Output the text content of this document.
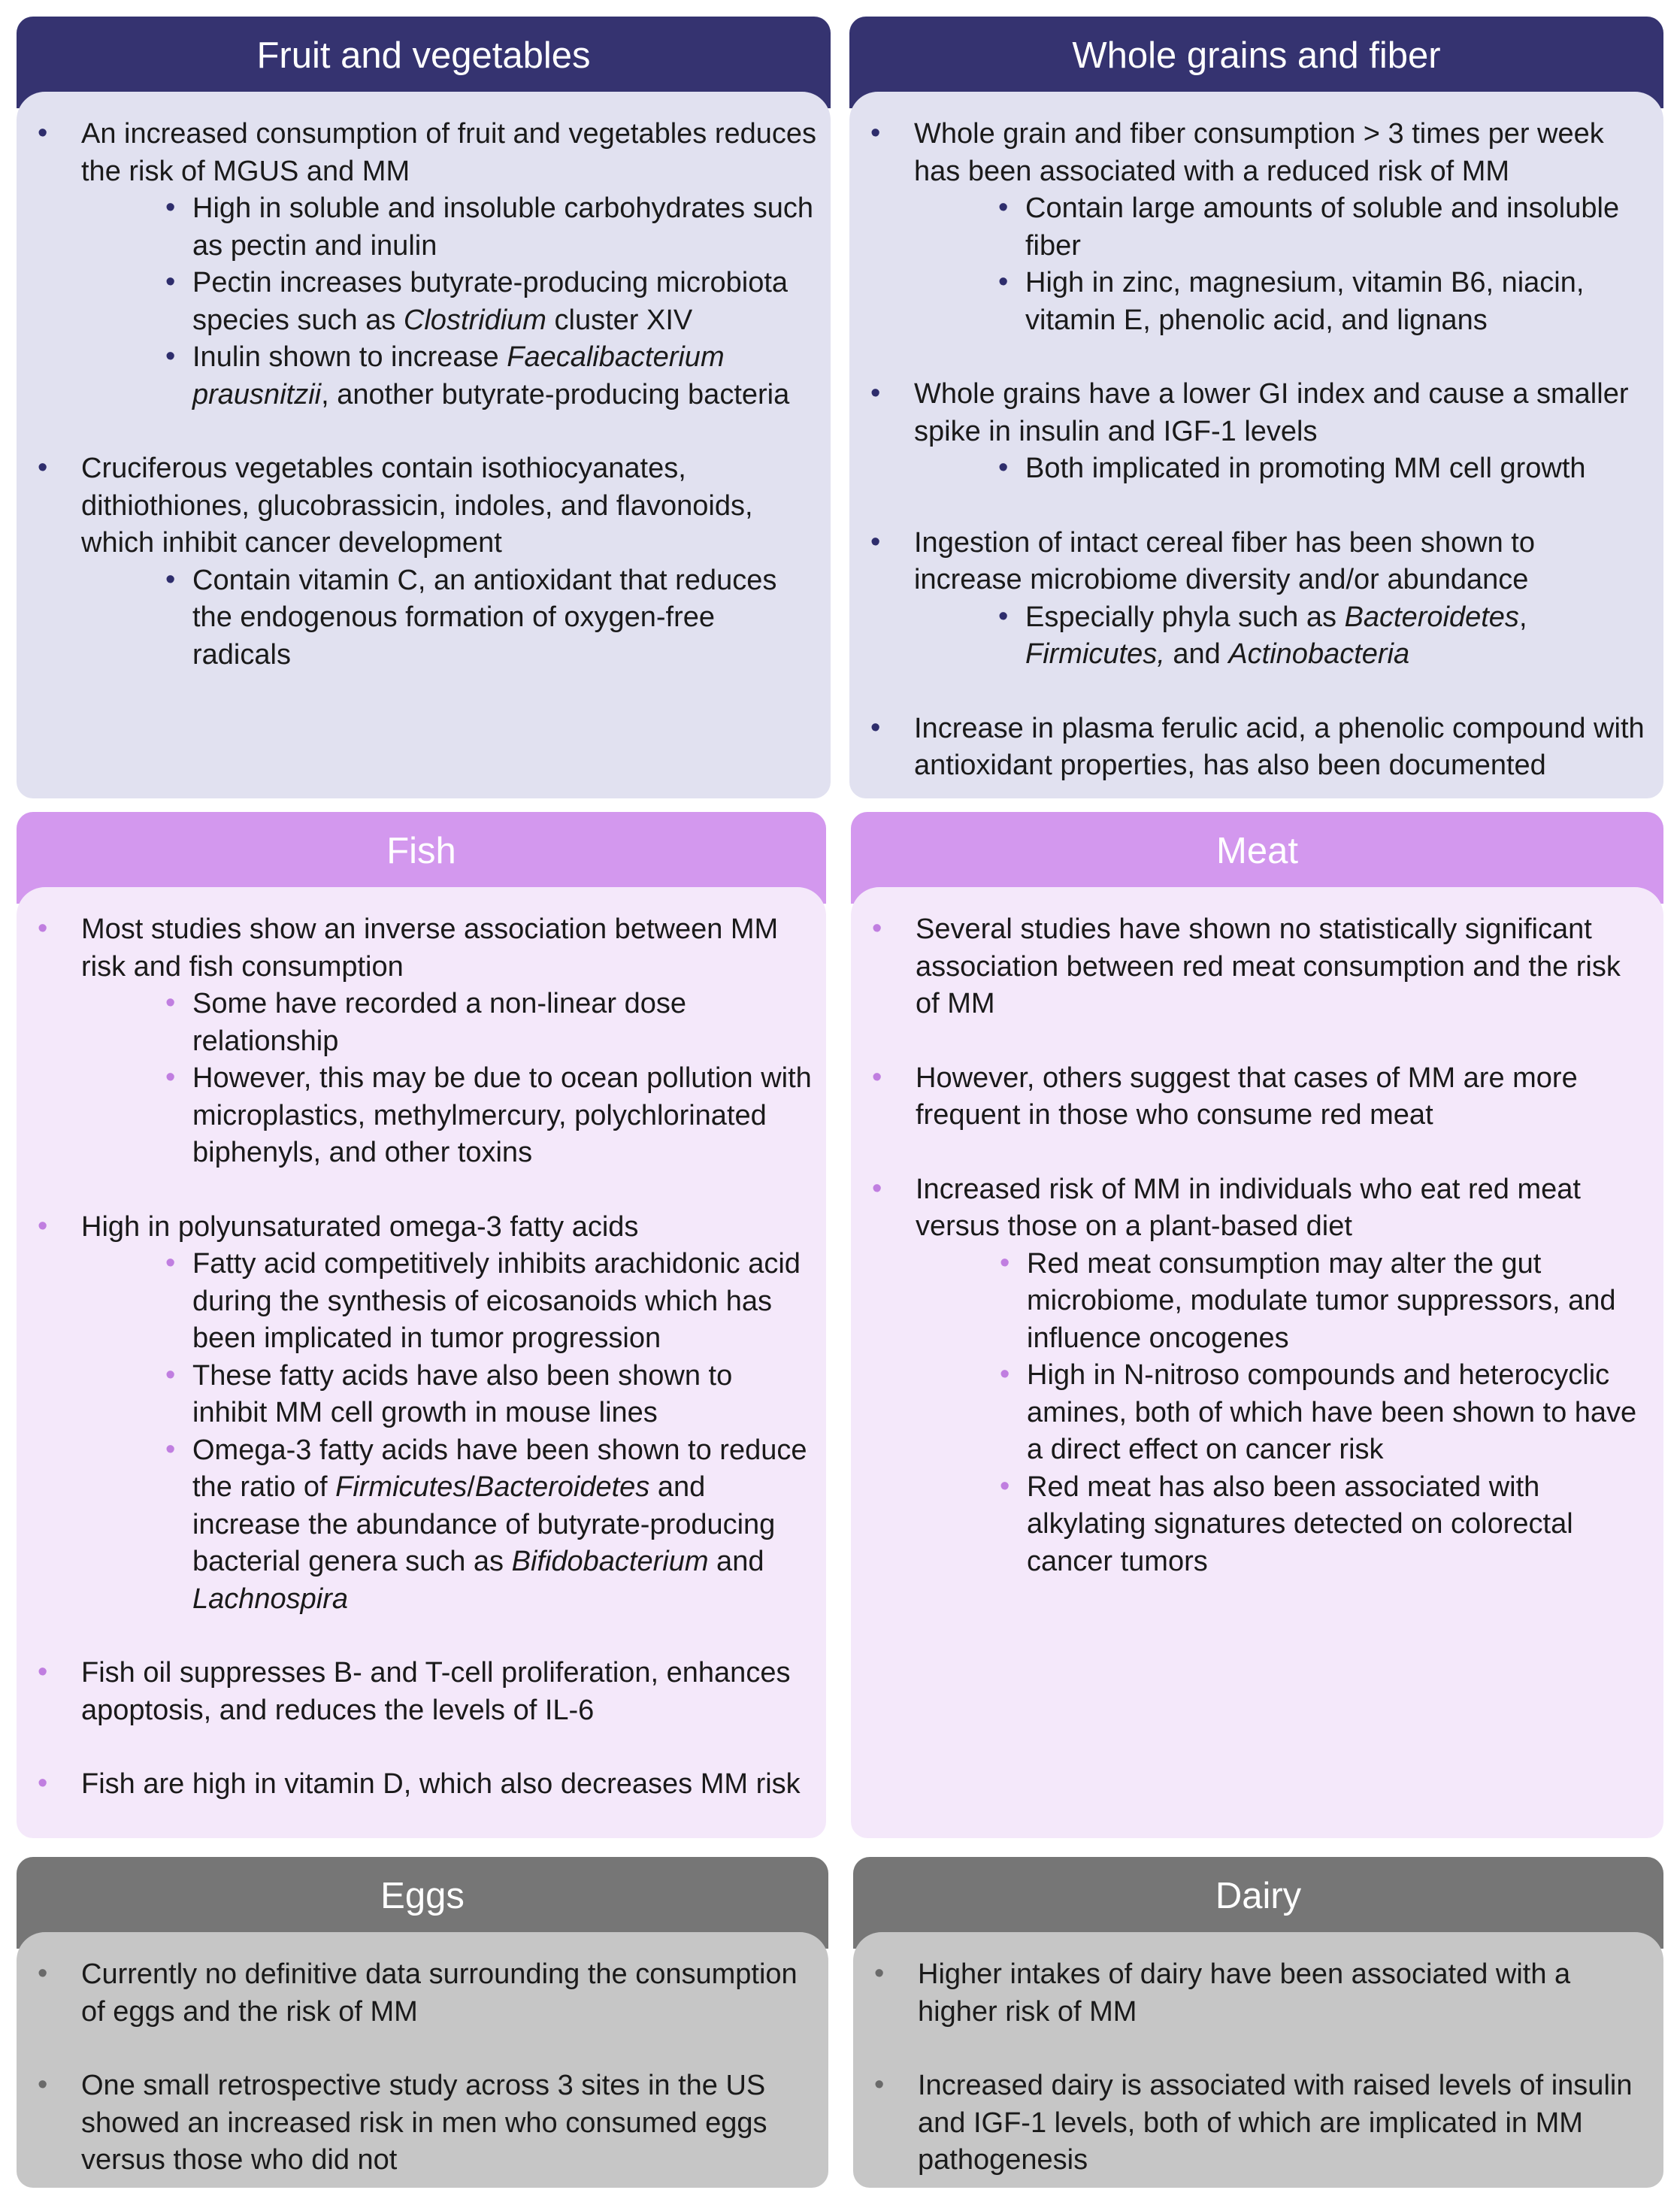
Fruit and vegetables
• An increased consumption of fruit and vegetables reduces the risk of MGUS and MM
• High in soluble and insoluble carbohydrates such as pectin and inulin
• Pectin increases butyrate-producing microbiota species such as Clostridium cluster XIV
• Inulin shown to increase Faecalibacterium prausnitzii, another butyrate-producing bacteria
• Cruciferous vegetables contain isothiocyanates, dithiothiones, glucobrassicin, indoles, and flavonoids, which inhibit cancer development
• Contain vitamin C, an antioxidant that reduces the endogenous formation of oxygen-free radicals
Whole grains and fiber
• Whole grain and fiber consumption > 3 times per week has been associated with a reduced risk of MM
• Contain large amounts of soluble and insoluble fiber
• High in zinc, magnesium, vitamin B6, niacin, vitamin E, phenolic acid, and lignans
• Whole grains have a lower GI index and cause a smaller spike in insulin and IGF-1 levels
• Both implicated in promoting MM cell growth
• Ingestion of intact cereal fiber has been shown to increase microbiome diversity and/or abundance
• Especially phyla such as Bacteroidetes, Firmicutes, and Actinobacteria
• Increase in plasma ferulic acid, a phenolic compound with antioxidant properties, has also been documented
Fish
• Most studies show an inverse association between MM risk and fish consumption
• Some have recorded a non-linear dose relationship
• However, this may be due to ocean pollution with microplastics, methylmercury, polychlorinated biphenyls, and other toxins
• High in polyunsaturated omega-3 fatty acids
• Fatty acid competitively inhibits arachidonic acid during the synthesis of eicosanoids which has been implicated in tumor progression
• These fatty acids have also been shown to inhibit MM cell growth in mouse lines
• Omega-3 fatty acids have been shown to reduce the ratio of Firmicutes/Bacteroidetes and increase the abundance of butyrate-producing bacterial genera such as Bifidobacterium and Lachnospira
• Fish oil suppresses B- and T-cell proliferation, enhances apoptosis, and reduces the levels of IL-6
• Fish are high in vitamin D, which also decreases MM risk
Meat
• Several studies have shown no statistically significant association between red meat consumption and the risk of MM
• However, others suggest that cases of MM are more frequent in those who consume red meat
• Increased risk of MM in individuals who eat red meat versus those on a plant-based diet
• Red meat consumption may alter the gut microbiome, modulate tumor suppressors, and influence oncogenes
• High in N-nitroso compounds and heterocyclic amines, both of which have been shown to have a direct effect on cancer risk
• Red meat has also been associated with alkylating signatures detected on colorectal cancer tumors
Eggs
• Currently no definitive data surrounding the consumption of eggs and the risk of MM
• One small retrospective study across 3 sites in the US showed an increased risk in men who consumed eggs versus those who did not
Dairy
• Higher intakes of dairy have been associated with a higher risk of MM
• Increased dairy is associated with raised levels of insulin and IGF-1 levels, both of which are implicated in MM pathogenesis
